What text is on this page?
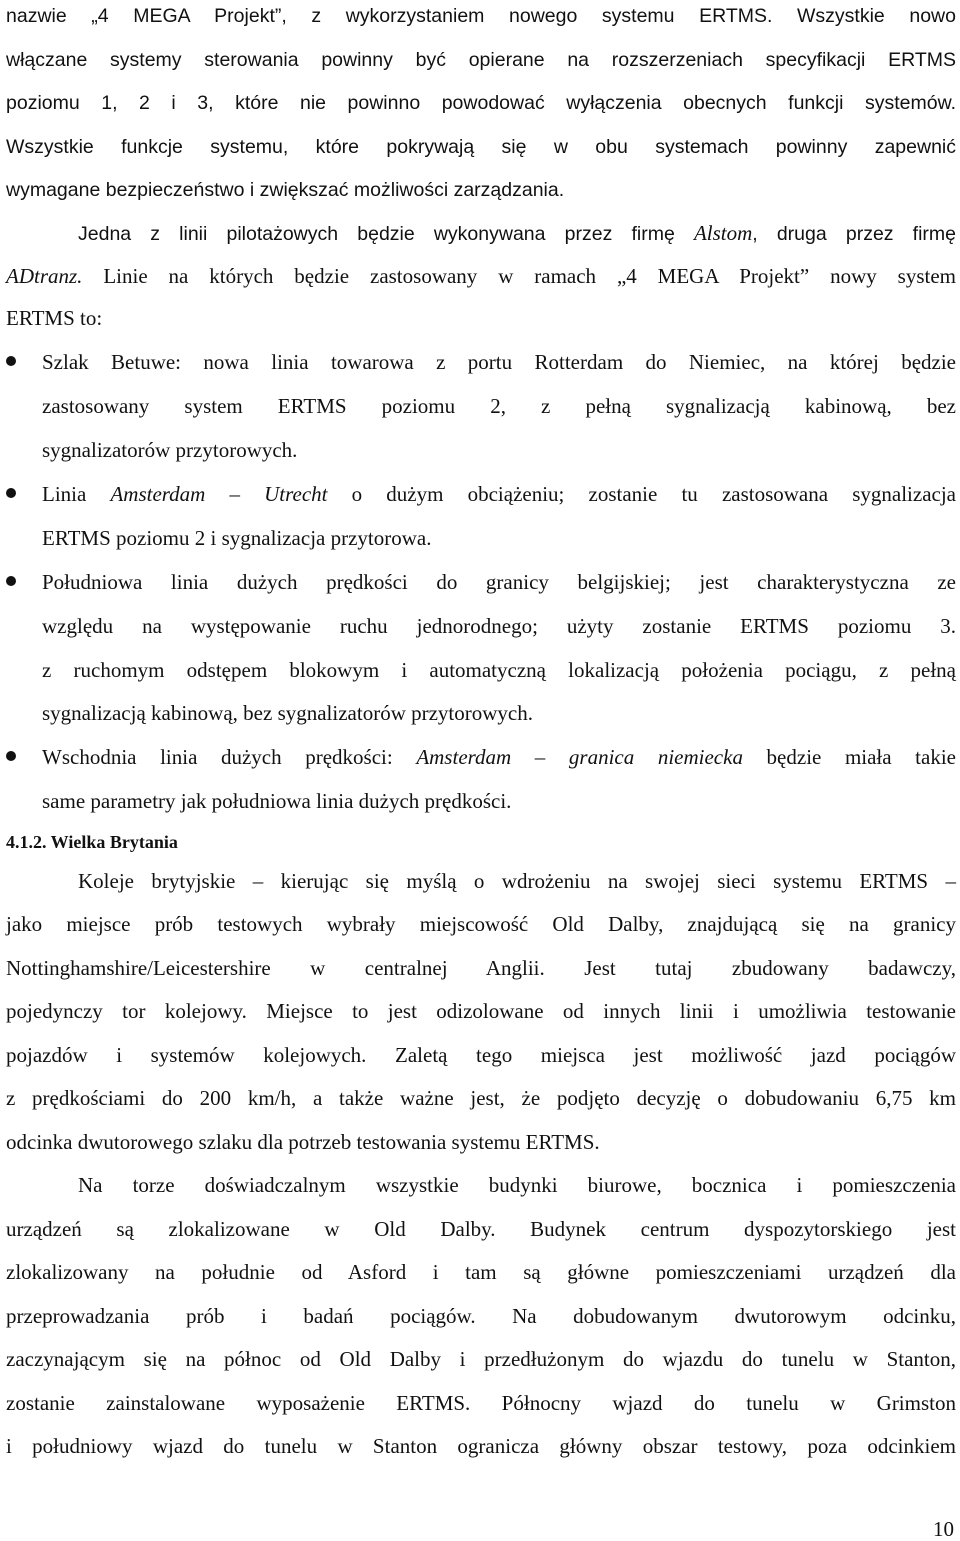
nazwie „4 MEGA Projekt”, z wykorzystaniem nowego systemu ERTMS. Wszystkie nowo
włączane systemy sterowania powinny być opierane na rozszerzeniach specyfikacji ERTMS
poziomu 1, 2 i 3, które nie powinno powodować wyłączenia obecnych funkcji systemów.
Wszystkie funkcje systemu, które pokrywają się w obu systemach powinny zapewnić
wymagane bezpieczeństwo i zwiększać możliwości zarządzania.
Jedna z linii pilotażowych będzie wykonywana przez firmę Alstom, druga przez firmę
ADtranz. Linie na których będzie zastosowany w ramach „4 MEGA Projekt” nowy system
ERTMS to:
Szlak Betuwe: nowa linia towarowa z portu Rotterdam do Niemiec, na której będzie
zastosowany system ERTMS poziomu 2, z pełną sygnalizacją kabinową, bez
sygnalizatorów przytorowych.
Linia Amsterdam – Utrecht o dużym obciążeniu; zostanie tu zastosowana sygnalizacja
ERTMS poziomu 2 i sygnalizacja przytorowa.
Południowa linia dużych prędkości do granicy belgijskiej; jest charakterystyczna ze
względu na występowanie ruchu jednorodnego; użyty zostanie ERTMS poziomu 3.
z ruchomym odstępem blokowym i automatyczną lokalizacją położenia pociągu, z pełną
sygnalizacją kabinową, bez sygnalizatorów przytorowych.
Wschodnia linia dużych prędkości: Amsterdam – granica niemiecka będzie miała takie
same parametry jak południowa linia dużych prędkości.
4.1.2. Wielka Brytania
Koleje brytyjskie – kierując się myślą o wdrożeniu na swojej sieci systemu ERTMS –
jako miejsce prób testowych wybrały miejscowość Old Dalby, znajdującą się na granicy
Nottinghamshire/Leicestershire w centralnej Anglii. Jest tutaj zbudowany badawczy,
pojedynczy tor kolejowy. Miejsce to jest odizolowane od innych linii i umożliwia testowanie
pojazdów i systemów kolejowych. Zaletą tego miejsca jest możliwość jazd pociągów
z prędkościami do 200 km/h, a także ważne jest, że podjęto decyzję o dobudowaniu 6,75 km
odcinka dwutorowego szlaku dla potrzeb testowania systemu ERTMS.
Na torze doświadczalnym wszystkie budynki biurowe, bocznica i pomieszczenia
urządzeń są zlokalizowane w Old Dalby. Budynek centrum dyspozytorskiego jest
zlokalizowany na południe od Asford i tam są główne pomieszczeniami urządzeń dla
przeprowadzania prób i badań pociągów. Na dobudowanym dwutorowym odcinku,
zaczynającym się na północ od Old Dalby i przedłużonym do wjazdu do tunelu w Stanton,
zostanie zainstalowane wyposażenie ERTMS. Północny wjazd do tunelu w Grimston
i południowy wjazd do tunelu w Stanton ogranicza główny obszar testowy, poza odcinkiem
10
